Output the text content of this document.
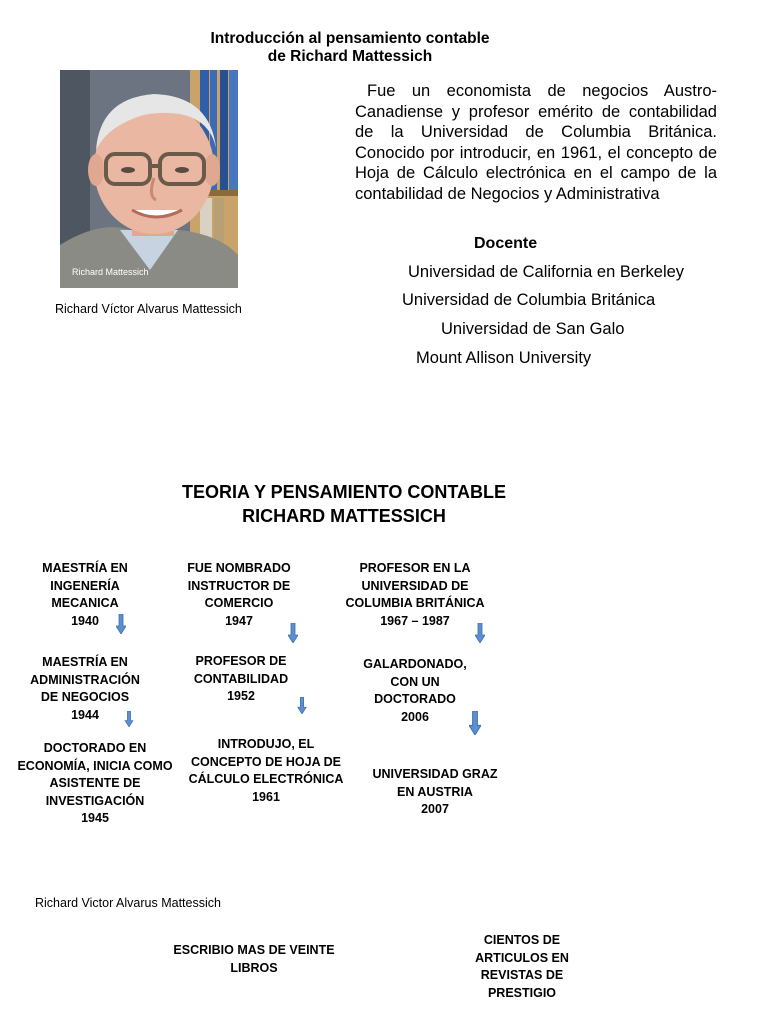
Introducción al pensamiento contable
de Richard Mattessich
Richard Mattessich
Richard Víctor Alvarus Mattessich
Fue un economista de negocios Austro-Canadiense y profesor emérito de contabilidad de la Universidad de Columbia Británica. Conocido por introducir, en 1961, el concepto de Hoja de Cálculo electrónica en el campo de la contabilidad de Negocios y Administrativa
Docente
Universidad de California en Berkeley
Universidad de Columbia Británica
Universidad de San Galo
Mount Allison University
TEORIA Y PENSAMIENTO CONTABLE
RICHARD MATTESSICH
MAESTRÍA EN
INGENERÍA
MECANICA
1940
MAESTRÍA EN
ADMINISTRACIÓN
DE NEGOCIOS
1944
DOCTORADO EN
ECONOMÍA, INICIA COMO
ASISTENTE DE
INVESTIGACIÓN
1945
FUE NOMBRADO
INSTRUCTOR DE
COMERCIO
1947
PROFESOR DE
CONTABILIDAD
1952
INTRODUJO, EL
CONCEPTO DE HOJA DE
CÁLCULO ELECTRÓNICA
1961
PROFESOR EN LA
UNIVERSIDAD DE
COLUMBIA BRITÁNICA
1967 – 1987
GALARDONADO,
CON UN
DOCTORADO
2006
UNIVERSIDAD GRAZ
EN AUSTRIA
2007
Richard Victor Alvarus Mattessich
ESCRIBIO MAS DE VEINTE
LIBROS
CIENTOS DE
ARTICULOS EN
REVISTAS DE
PRESTIGIO
